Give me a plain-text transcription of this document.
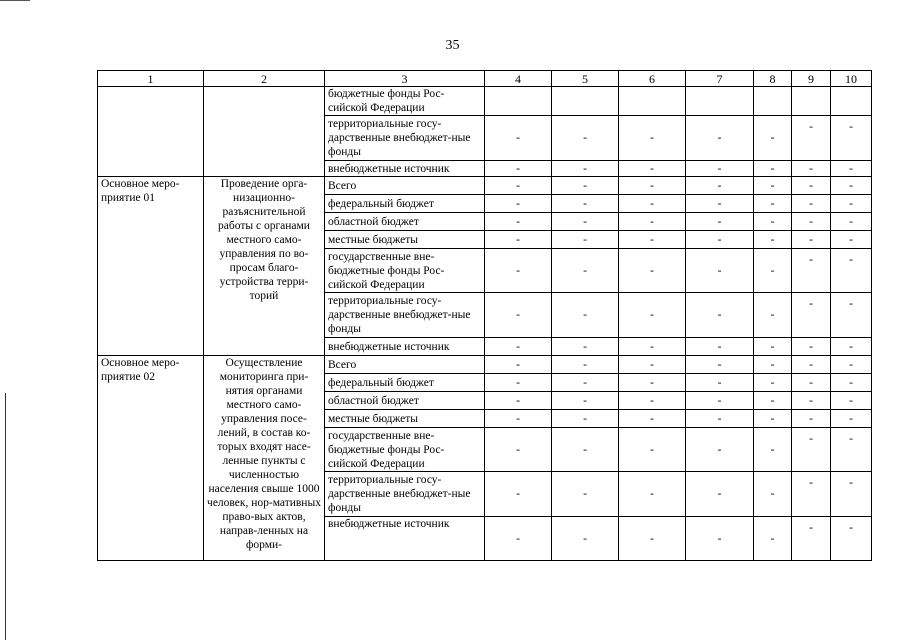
35
1	2	3	4	5	6	7	8	9	10
		бюджетные фонды Рос-сийской Федерации							
		территориальные госу-дарственные внебюджет-ные фонды	-	-	-	-	-	-	-
		внебюджетные источник	-	-	-	-	-	-	-
Основное меро-приятие 01	Проведение орга-низационно-разъяснительной работы с органами местного само-управления по во-просам благо-устройства терри-торий	Всего	-	-	-	-	-	-	-
		федеральный бюджет	-	-	-	-	-	-	-
		областной бюджет	-	-	-	-	-	-	-
		местные бюджеты	-	-	-	-	-	-	-
		государственные вне-бюджетные фонды Рос-сийской Федерации	-	-	-	-	-	-	-
		территориальные госу-дарственные внебюджет-ные фонды	-	-	-	-	-	-	-
		внебюджетные источник	-	-	-	-	-	-	-
Основное меро-приятие 02	Осуществление мониторинга при-нятия органами местного само-управления посе-лений, в состав ко-торых входят насе-ленные пункты с численностью населения свыше 1000 человек, нор-мативных право-вых актов, направ-ленных на форми-	Всего	-	-	-	-	-	-	-
		федеральный бюджет	-	-	-	-	-	-	-
		областной бюджет	-	-	-	-	-	-	-
		местные бюджеты	-	-	-	-	-	-	-
		государственные вне-бюджетные фонды Рос-сийской Федерации	-	-	-	-	-	-	-
		территориальные госу-дарственные внебюджет-ные фонды	-	-	-	-	-	-	-
		внебюджетные источник	-	-	-	-	-	-	-
